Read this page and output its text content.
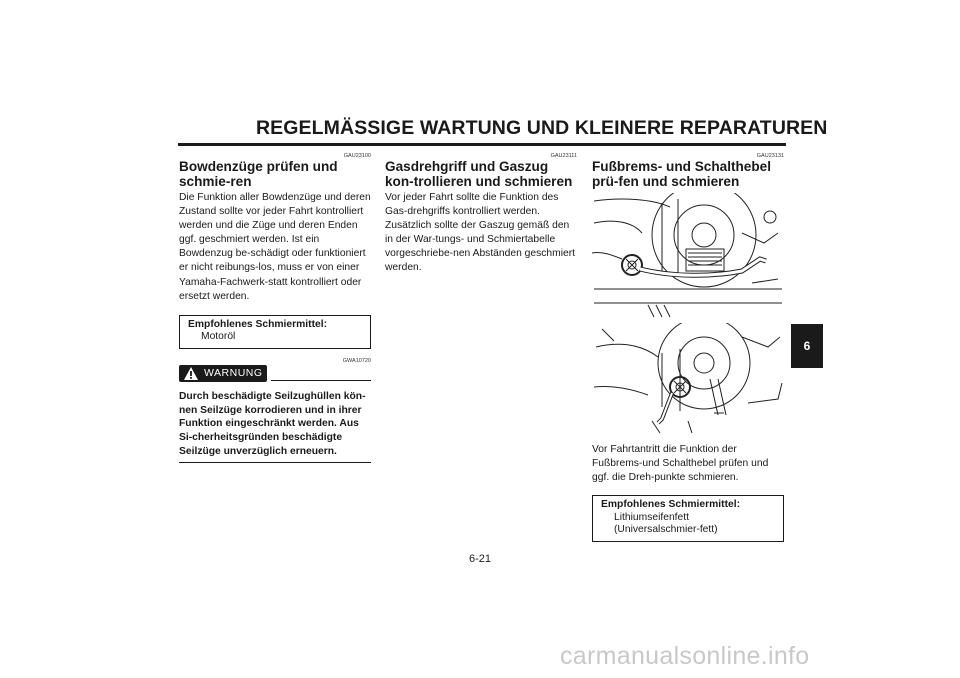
REGELMÄSSIGE WARTUNG UND KLEINERE REPARATUREN
GAU23100
Bowdenzüge prüfen und schmie-ren

Die Funktion aller Bowdenzüge und deren Zustand sollte vor jeder Fahrt kontrolliert werden und die Züge und deren Enden ggf. geschmiert werden. Ist ein Bowdenzug be-schädigt oder funktioniert er nicht reibungs-los, muss er von einer Yamaha-Fachwerk-statt kontrolliert oder ersetzt werden.

Empfohlenes Schmiermittel:
Motoröl
GWA10720
WARNUNG
Durch beschädigte Seilzughüllen kön-nen Seilzüge korrodieren und in ihrer Funktion eingeschränkt werden. Aus Si-cherheitsgründen beschädigte Seilzüge unverzüglich erneuern.
GAU23111
Gasdrehgriff und Gaszug kon-trollieren und schmieren

Vor jeder Fahrt sollte die Funktion des Gas-drehgriffs kontrolliert werden. Zusätzlich sollte der Gaszug gemäß den in der War-tungs- und Schmiertabelle vorgeschriebe-nen Abständen geschmiert werden.

GAU23131
Fußbrems- und Schalthebel prü-fen und schmieren

Vor Fahrtantritt die Funktion der Fußbrems-und Schalthebel prüfen und ggf. die Dreh-punkte schmieren.

Empfohlenes Schmiermittel:
Lithiumseifenfett (Universalschmier-fett)
6
6-21
carmanualsonline.info
